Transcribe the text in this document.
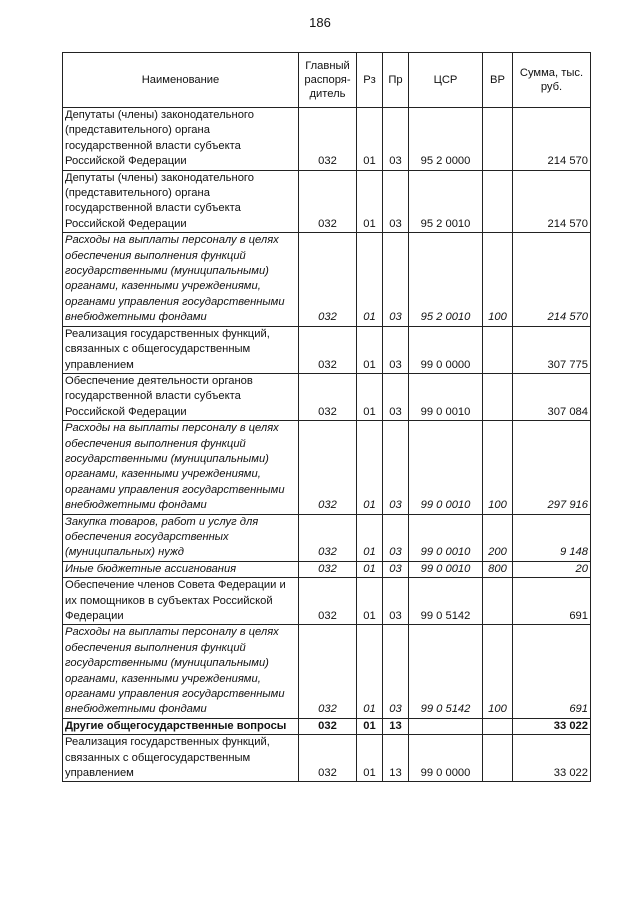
186
Наименование	Главный распоря-дитель	Рз	Пр	ЦСР	ВР	Сумма, тыс. руб.
Депутаты (члены) законодательного (представительного) органа государственной власти субъекта Российской Федерации	032	01	03	95 2 0000		214 570
Депутаты (члены) законодательного (представительного) органа государственной власти субъекта Российской Федерации	032	01	03	95 2 0010		214 570
Расходы на выплаты персоналу в целях обеспечения выполнения функций государственными (муниципальными) органами, казенными учреждениями, органами управления государственными внебюджетными фондами	032	01	03	95 2 0010	100	214 570
Реализация государственных функций, связанных с общегосударственным управлением	032	01	03	99 0 0000		307 775
Обеспечение деятельности органов государственной власти субъекта Российской Федерации	032	01	03	99 0 0010		307 084
Расходы на выплаты персоналу в целях обеспечения выполнения функций государственными (муниципальными) органами, казенными учреждениями, органами управления государственными внебюджетными фондами	032	01	03	99 0 0010	100	297 916
Закупка товаров, работ и услуг для обеспечения государственных (муниципальных) нужд	032	01	03	99 0 0010	200	9 148
Иные бюджетные ассигнования	032	01	03	99 0 0010	800	20
Обеспечение членов Совета Федерации и их помощников в субъектах Российской Федерации	032	01	03	99 0 5142		691
Расходы на выплаты персоналу в целях обеспечения выполнения функций государственными (муниципальными) органами, казенными учреждениями, органами управления государственными внебюджетными фондами	032	01	03	99 0 5142	100	691
Другие общегосударственные вопросы	032	01	13			33 022
Реализация государственных функций, связанных с общегосударственным управлением	032	01	13	99 0 0000		33 022
